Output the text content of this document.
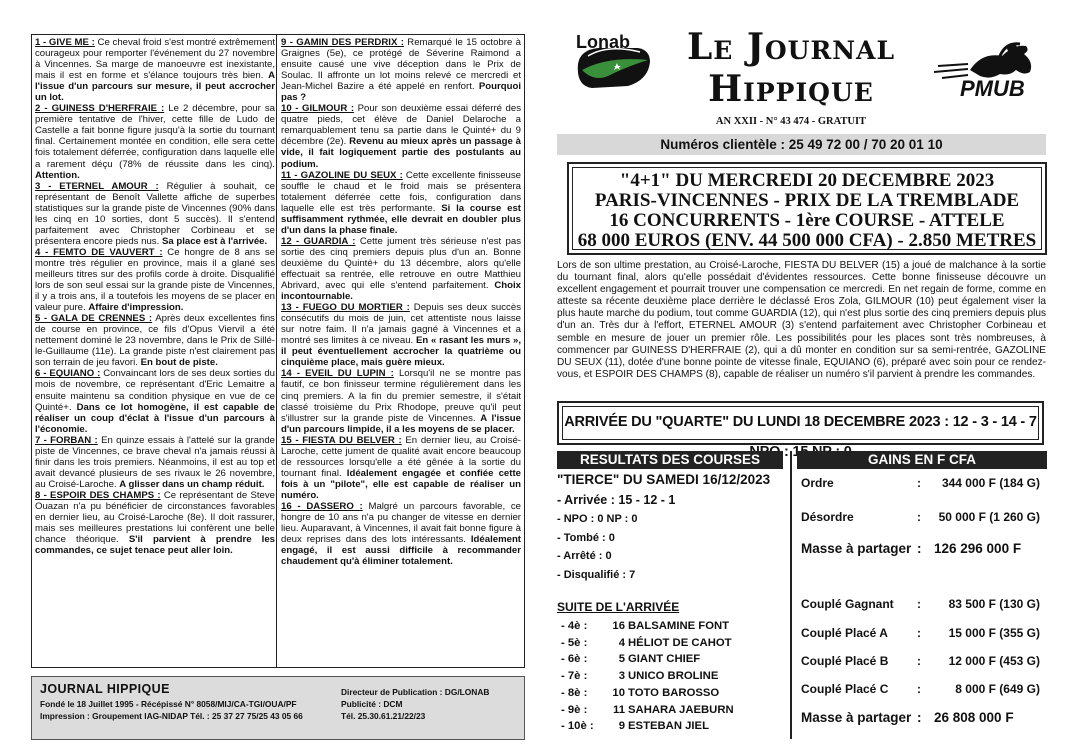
1 - GIVE ME : Ce cheval froid s'est montré extrêmement courageux pour remporter l'événement du 27 novembre à Vincennes. Sa marge de manoeuvre est inexistante, mais il est en forme et s'élance toujours très bien. A l'issue d'un parcours sur mesure, il peut accrocher un lot.

2 - GUINESS D'HERFRAIE : Le 2 décembre, pour sa première tentative de l'hiver, cette fille de Ludo de Castelle a fait bonne figure jusqu'à la sortie du tournant final. Certainement montée en condition, elle sera cette fois totalement déferrée, configuration dans laquelle elle a rarement déçu (78% de réussite dans les cinq). Attention.

3 - ETERNEL AMOUR : Régulier à souhait, ce représentant de Benoît Vallette affiche de superbes statistiques sur la grande piste de Vincennes (90% dans les cinq en 10 sorties, dont 5 succès). Il s'entend parfaitement avec Christopher Corbineau et se présentera encore pieds nus. Sa place est à l'arrivée.

4 - FEMTO DE VAUVERT : Ce hongre de 8 ans se montre très régulier en province, mais il a glané ses meilleurs titres sur des profils corde à droite. Disqualifié lors de son seul essai sur la grande piste de Vincennes, il y a trois ans, il a toutefois les moyens de se placer en valeur pure. Affaire d'impression.

5 - GALA DE CRENNES : Après deux excellentes fins de course en province, ce fils d'Opus Viervil a été nettement dominé le 23 novembre, dans le Prix de Sillé-le-Guillaume (11e). La grande piste n'est clairement pas son terrain de jeu favori. En bout de piste.

6 - EQUIANO : Convaincant lors de ses deux sorties du mois de novembre, ce représentant d'Eric Lemaitre a ensuite maintenu sa condition physique en vue de ce Quinté+. Dans ce lot homogène, il est capable de réaliser un coup d'éclat à l'issue d'un parcours à l'économie.

7 - FORBAN : En quinze essais à l'attelé sur la grande piste de Vincennes, ce brave cheval n'a jamais réussi à finir dans les trois premiers. Néanmoins, il est au top et avait devancé plusieurs de ses rivaux le 26 novembre, au Croisé-Laroche. A glisser dans un champ réduit.

8 - ESPOIR DES CHAMPS : Ce représentant de Steve Ouazan n'a pu bénéficier de circonstances favorables en dernier lieu, au Croisé-Laroche (8e). Il doit rassurer, mais ses meilleures prestations lui confèrent une belle chance théorique. S'il parvient à prendre les commandes, ce sujet tenace peut aller loin.

9 - GAMIN DES PERDRIX : Remarqué le 15 octobre à Graignes (5e), ce protégé de Séverine Raimond a ensuite causé une vive déception dans le Prix de Soulac. Il affronte un lot moins relevé ce mercredi et Jean-Michel Bazire a été appelé en renfort. Pourquoi pas ?

10 - GILMOUR : Pour son deuxième essai déferré des quatre pieds, cet élève de Daniel Delaroche a remarquablement tenu sa partie dans le Quinté+ du 9 décembre (2e). Revenu au mieux après un passage à vide, il fait logiquement partie des postulants au podium.

11 - GAZOLINE DU SEUX : Cette excellente finisseuse souffle le chaud et le froid mais se présentera totalement déferrée cette fois, configuration dans laquelle elle est très performante. Si la course est suffisamment rythmée, elle devrait en doubler plus d'un dans la phase finale.

12 - GUARDIA : Cette jument très sérieuse n'est pas sortie des cinq premiers depuis plus d'un an. Bonne deuxième du Quinté+ du 13 décembre, alors qu'elle effectuait sa rentrée, elle retrouve en outre Matthieu Abrivard, avec qui elle s'entend parfaitement. Choix incontournable.

13 - FUEGO DU MORTIER : Depuis ses deux succès consécutifs du mois de juin, cet attentiste nous laisse sur notre faim. Il n'a jamais gagné à Vincennes et a montré ses limites à ce niveau. En « rasant les murs », il peut éventuellement accrocher la quatrième ou cinquième place, mais guère mieux.

14 - EVEIL DU LUPIN : Lorsqu'il ne se montre pas fautif, ce bon finisseur termine régulièrement dans les cinq premiers. A la fin du premier semestre, il s'était classé troisième du Prix Rhodope, preuve qu'il peut s'illustrer sur la grande piste de Vincennes. A l'issue d'un parcours limpide, il a les moyens de se placer.

15 - FIESTA DU BELVER : En dernier lieu, au Croisé-Laroche, cette jument de qualité avait encore beaucoup de ressources lorsqu'elle a été gênée à la sortie du tournant final. Idéalement engagée et confiée cette fois à un "pilote", elle est capable de réaliser un numéro.

16 - DASSERO : Malgré un parcours favorable, ce hongre de 10 ans n'a pu changer de vitesse en dernier lieu. Auparavant, à Vincennes, il avait fait bonne figure à deux reprises dans des lots intéressants. Idéalement engagé, il est aussi difficile à recommander chaudement qu'à éliminer totalement.

JOURNAL HIPPIQUE
Fondé le 18 Juillet 1995 - Récépissé N° 8058/MIJ/CA-TGI/OUA/PF
Impression : Groupement IAG-NIDAP Tél. : 25 37 27 75/25 43 05 66
Directeur de Publication : DG/LONAB
Publicité : DCM
Tél. 25.30.61.21/22/23
Lonab	Le Journal
Hippique
AN XXII - N° 43 474 - GRATUIT
PMUB
Numéros clientèle : 25 49 72 00 / 70 20 01 10
"4+1" DU MERCREDI 20 DECEMBRE 2023
PARIS-VINCENNES - PRIX DE LA TREMBLADE
16 CONCURRENTS - 1ère COURSE - ATTELE
68 000 EUROS (ENV. 44 500 000 CFA) - 2.850 METRES
Lors de son ultime prestation, au Croisé-Laroche, FIESTA DU BELVER (15) a joué de malchance à la sortie du tournant final, alors qu'elle possédait d'évidentes ressources. Cette bonne finisseuse découvre un excellent engagement et pourrait trouver une compensation ce mercredi. En net regain de forme, comme en atteste sa récente deuxième place derrière le déclassé Eros Zola, GILMOUR (10) peut également viser la plus haute marche du podium, tout comme GUARDIA (12), qui n'est plus sortie des cinq premiers depuis plus d'un an. Très dur à l'effort, ETERNEL AMOUR (3) s'entend parfaitement avec Christopher Corbineau et semble en mesure de jouer un premier rôle. Les possibilités pour les places sont très nombreuses, à commencer par GUINESS D'HERFRAIE (2), qui a dû monter en condition sur sa semi-rentrée, GAZOLINE DU SEUX (11), dotée d'une bonne pointe de vitesse finale, EQUIANO (6), préparé avec soin pour ce rendez-vous, et ESPOIR DES CHAMPS (8), capable de réaliser un numéro s'il parvient à prendre les commandes.
ARRIVÉE DU "QUARTE" DU LUNDI 18 DECEMBRE 2023 : 12 - 3 - 14 - 7 :
RESULTATS DES COURSES	GAINS EN F CFA
"TIERCE" DU SAMEDI 16/12/2023
- Arrivée : 15 - 12 - 1
- NPO : 0 NP : 0
- Tombé : 0
- Arrêté : 0
- Disqualifié : 7
SUITE DE L'ARRIVÉE
- 4è :	16 BALSAMINE FONT
- 5è :	4 HÉLIOT DE CAHOT
- 6è :	5 GIANT CHIEF
- 7è :	3 UNICO BROLINE
- 8è :	10 TOTO BAROSSO
- 9è :	11 SAHARA JAEBURN
- 10è :	9 ESTEBAN JIEL
Ordre	: 344 000 F (184 G)
Désordre	: 50 000 F (1 260 G)
Masse à partager : 126 296 000 F
Couplé Gagnant : 83 500 F (130 G)
Couplé Placé A : 15 000 F (355 G)
Couplé Placé B : 12 000 F (453 G)
Couplé Placé C :	8 000 F (649 G)
Masse à partager : 26 808 000 F
